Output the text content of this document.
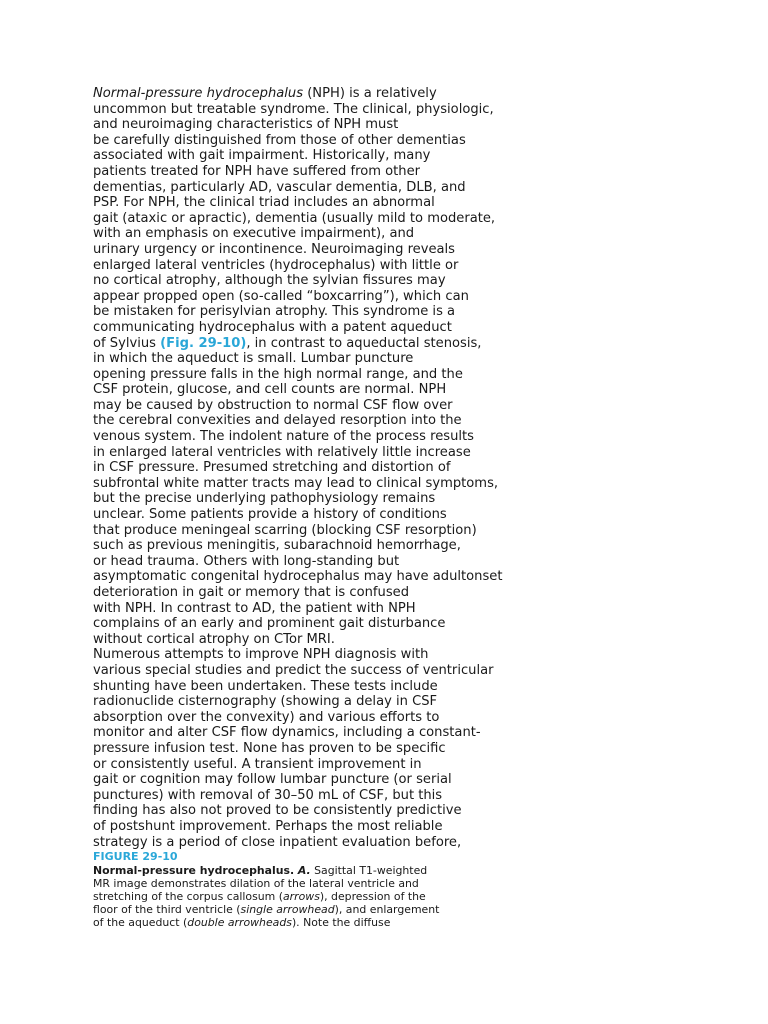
Normal-pressure hydrocephalus (NPH) is a relatively
uncommon but treatable syndrome. The clinical, physiologic,
and neuroimaging characteristics of NPH must
be carefully distinguished from those of other dementias
associated with gait impairment. Historically, many
patients treated for NPH have suffered from other
dementias, particularly AD, vascular dementia, DLB, and
PSP. For NPH, the clinical triad includes an abnormal
gait (ataxic or apractic), dementia (usually mild to moderate,
with an emphasis on executive impairment), and
urinary urgency or incontinence. Neuroimaging reveals
enlarged lateral ventricles (hydrocephalus) with little or
no cortical atrophy, although the sylvian fissures may
appear propped open (so-called “boxcarring”), which can
be mistaken for perisylvian atrophy. This syndrome is a
communicating hydrocephalus with a patent aqueduct
of Sylvius (Fig. 29-10), in contrast to aqueductal stenosis,
in which the aqueduct is small. Lumbar puncture
opening pressure falls in the high normal range, and the
CSF protein, glucose, and cell counts are normal. NPH
may be caused by obstruction to normal CSF flow over
the cerebral convexities and delayed resorption into the
venous system. The indolent nature of the process results
in enlarged lateral ventricles with relatively little increase
in CSF pressure. Presumed stretching and distortion of
subfrontal white matter tracts may lead to clinical symptoms,
but the precise underlying pathophysiology remains
unclear. Some patients provide a history of conditions
that produce meningeal scarring (blocking CSF resorption)
such as previous meningitis, subarachnoid hemorrhage,
or head trauma. Others with long-standing but
asymptomatic congenital hydrocephalus may have adultonset
deterioration in gait or memory that is confused
with NPH. In contrast to AD, the patient with NPH
complains of an early and prominent gait disturbance
without cortical atrophy on CTor MRI.
Numerous attempts to improve NPH diagnosis with
various special studies and predict the success of ventricular
shunting have been undertaken. These tests include
radionuclide cisternography (showing a delay in CSF
absorption over the convexity) and various efforts to
monitor and alter CSF flow dynamics, including a constant-
pressure infusion test. None has proven to be specific
or consistently useful. A transient improvement in
gait or cognition may follow lumbar puncture (or serial
punctures) with removal of 30–50 mL of CSF, but this
finding has also not proved to be consistently predictive
of postshunt improvement. Perhaps the most reliable
strategy is a period of close inpatient evaluation before,
FIGURE 29-10
Normal-pressure hydrocephalus. A. Sagittal T1-weighted
MR image demonstrates dilation of the lateral ventricle and
stretching of the corpus callosum (arrows), depression of the
floor of the third ventricle (single arrowhead), and enlargement
of the aqueduct (double arrowheads). Note the diffuse
